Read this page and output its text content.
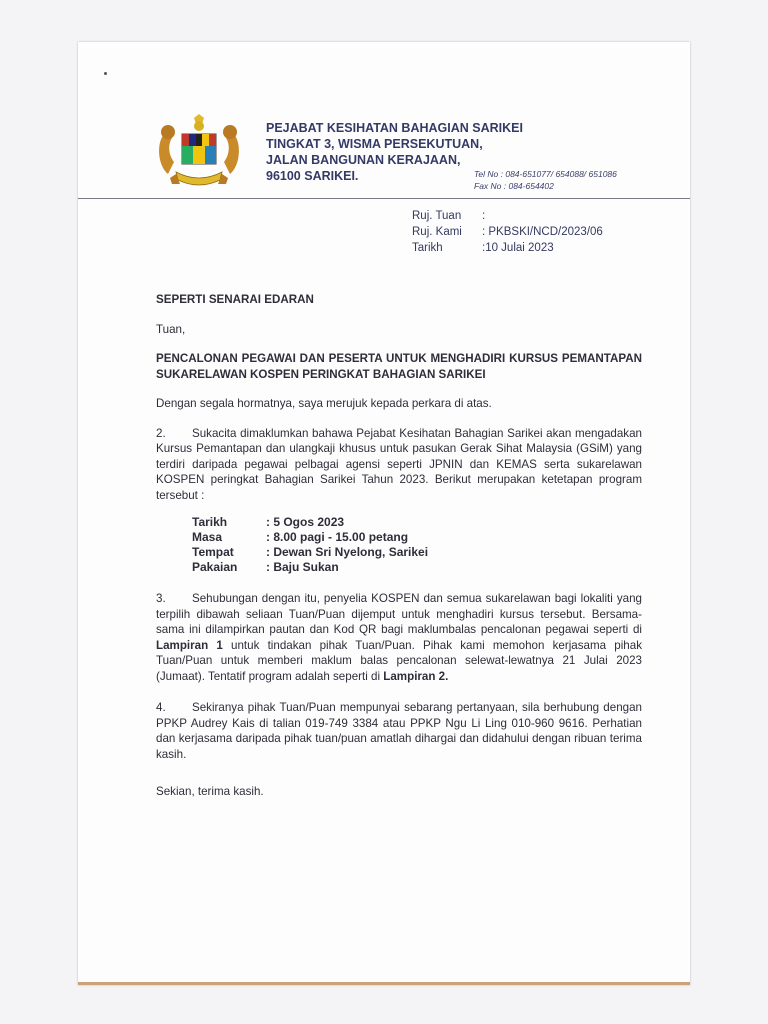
PEJABAT KESIHATAN BAHAGIAN SARIKEI
TINGKAT 3, WISMA PERSEKUTUAN,
JALAN BANGUNAN KERAJAAN,
96100 SARIKEI.	Tel No : 084-651077/ 654088/ 651086
Fax No : 084-654402
Ruj. Tuan	:
Ruj. Kami	: PKBSKI/NCD/2023/06
Tarikh	:10 Julai 2023

SEPERTI SENARAI EDARAN

Tuan,

PENCALONAN PEGAWAI DAN PESERTA UNTUK MENGHADIRI KURSUS PEMANTAPAN SUKARELAWAN KOSPEN PERINGKAT BAHAGIAN SARIKEI

Dengan segala hormatnya, saya merujuk kepada perkara di atas.

2. Sukacita dimaklumkan bahawa Pejabat Kesihatan Bahagian Sarikei akan mengadakan Kursus Pemantapan dan ulangkaji khusus untuk pasukan Gerak Sihat Malaysia (GSiM) yang terdiri daripada pegawai pelbagai agensi seperti JPNIN dan KEMAS serta sukarelawan KOSPEN peringkat Bahagian Sarikei Tahun 2023. Berikut merupakan ketetapan program tersebut :

Tarikh	: 5 Ogos 2023
Masa	: 8.00 pagi - 15.00 petang
Tempat	: Dewan Sri Nyelong, Sarikei
Pakaian	: Baju Sukan

3. Sehubungan dengan itu, penyelia KOSPEN dan semua sukarelawan bagi lokaliti yang terpilih dibawah seliaan Tuan/Puan dijemput untuk menghadiri kursus tersebut. Bersama-sama ini dilampirkan pautan dan Kod QR bagi maklumbalas pencalonan pegawai seperti di Lampiran 1 untuk tindakan pihak Tuan/Puan. Pihak kami memohon kerjasama pihak Tuan/Puan untuk memberi maklum balas pencalonan selewat-lewatnya 21 Julai 2023 (Jumaat). Tentatif program adalah seperti di Lampiran 2.

4. Sekiranya pihak Tuan/Puan mempunyai sebarang pertanyaan, sila berhubung dengan PPKP Audrey Kais di talian 019-749 3384 atau PPKP Ngu Li Ling 010-960 9616. Perhatian dan kerjasama daripada pihak tuan/puan amatlah dihargai dan didahului dengan ribuan terima kasih.

Sekian, terima kasih.
